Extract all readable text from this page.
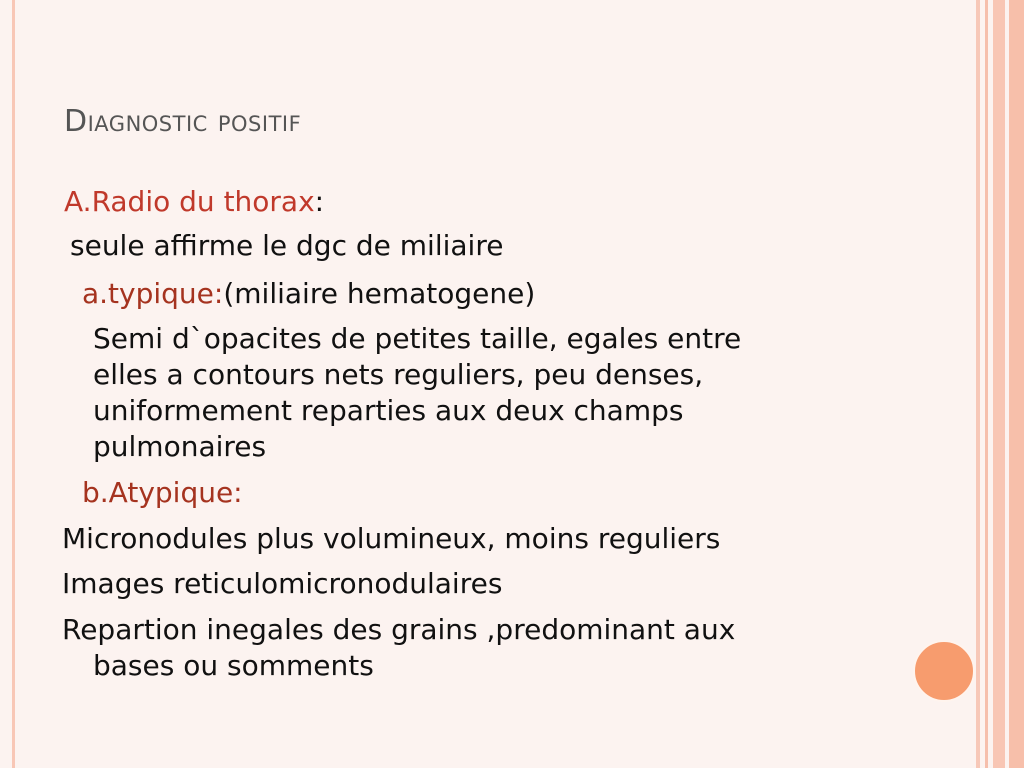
Diagnostic positif
A.Radio du thorax:
seule affirme le dgc de miliaire
a.typique:(miliaire hematogene)
Semi d`opacites de petites taille, egales entre
elles a contours nets reguliers, peu denses,
uniformement reparties aux deux champs
pulmonaires
b.Atypique:
Micronodules plus volumineux, moins reguliers
Images reticulomicronodulaires
Repartion inegales des grains ,predominant aux
bases ou somments
